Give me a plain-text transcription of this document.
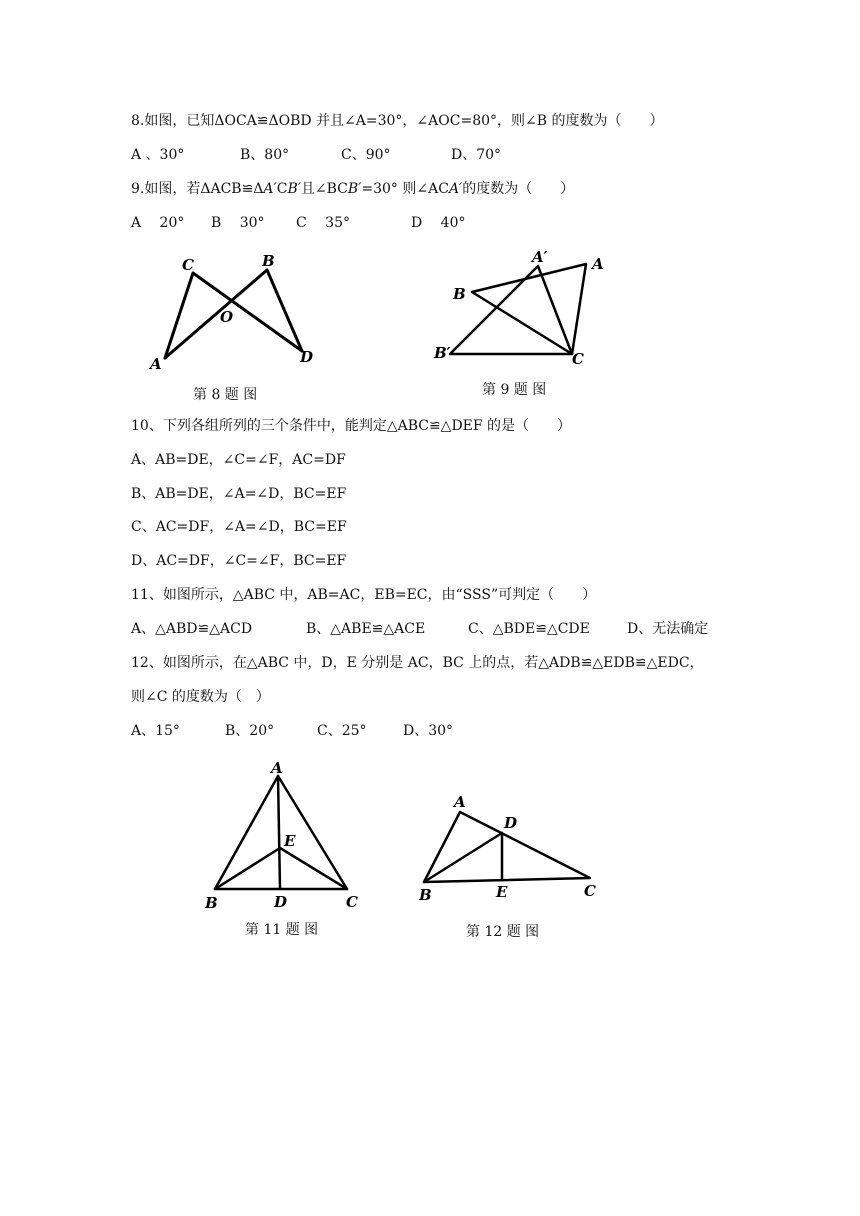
8.如图，已知ΔOCA≌ΔOBD 并且∠A=30°，∠AOC=80°，则∠B 的度数为（　　）
A 、30°	B、80°	C、90°	D、70°
9.如图，若ΔACB≌ΔA′CB′且∠BCB′=30° 则∠ACA′的度数为（　　）
A　 20° B　 30° C　 35°	D　 40°
C	B
O
A	D
第 8 题 图
A′	A
B
B′	C
第 9 题 图
10、下列各组所列的三个条件中，能判定△ABC≌△DEF 的是（　　）
A、AB=DE，∠C=∠F，AC=DF
B、AB=DE，∠A=∠D，BC=EF
C、AC=DF，∠A=∠D，BC=EF
D、AC=DF，∠C=∠F，BC=EF
11、如图所示，△ABC 中，AB=AC，EB=EC，由“SSS”可判定（　　）
A、△ABD≌△ACD	B、△ABE≌△ACE	C、△BDE≌△CDE	D、无法确定
12、如图所示，在△ABC 中，D，E 分别是 AC，BC 上的点，若△ADB≌△EDB≌△EDC，
则∠C 的度数为（　）
A、15°	B、20°	C、25°	D、30°
A
E
B	D	C
第 11 题 图
A
D
B	E	C
第 12 题 图
